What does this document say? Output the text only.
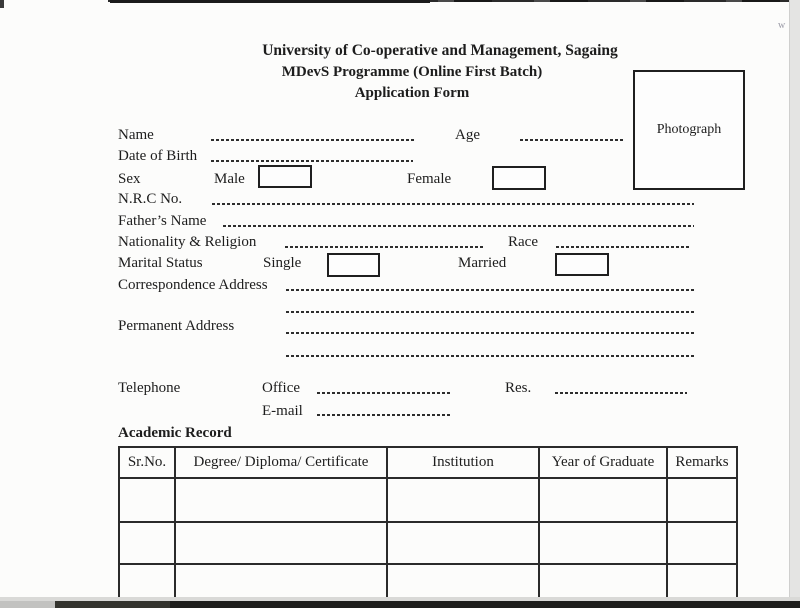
w
University of Co-operative and Management, Sagaing
MDevS Programme (Online First Batch)
Application Form
Photograph
Name	Age
Date of Birth
Sex	Male	Female
N.R.C No.
Father’s Name
Nationality & Religion	Race
Marital Status	Single	Married
Correspondence Address
Permanent Address
Telephone	Office	Res.
E-mail
Academic Record
Sr.No.	Degree/ Diploma/ Certificate	Institution	Year of Graduate	Remarks
